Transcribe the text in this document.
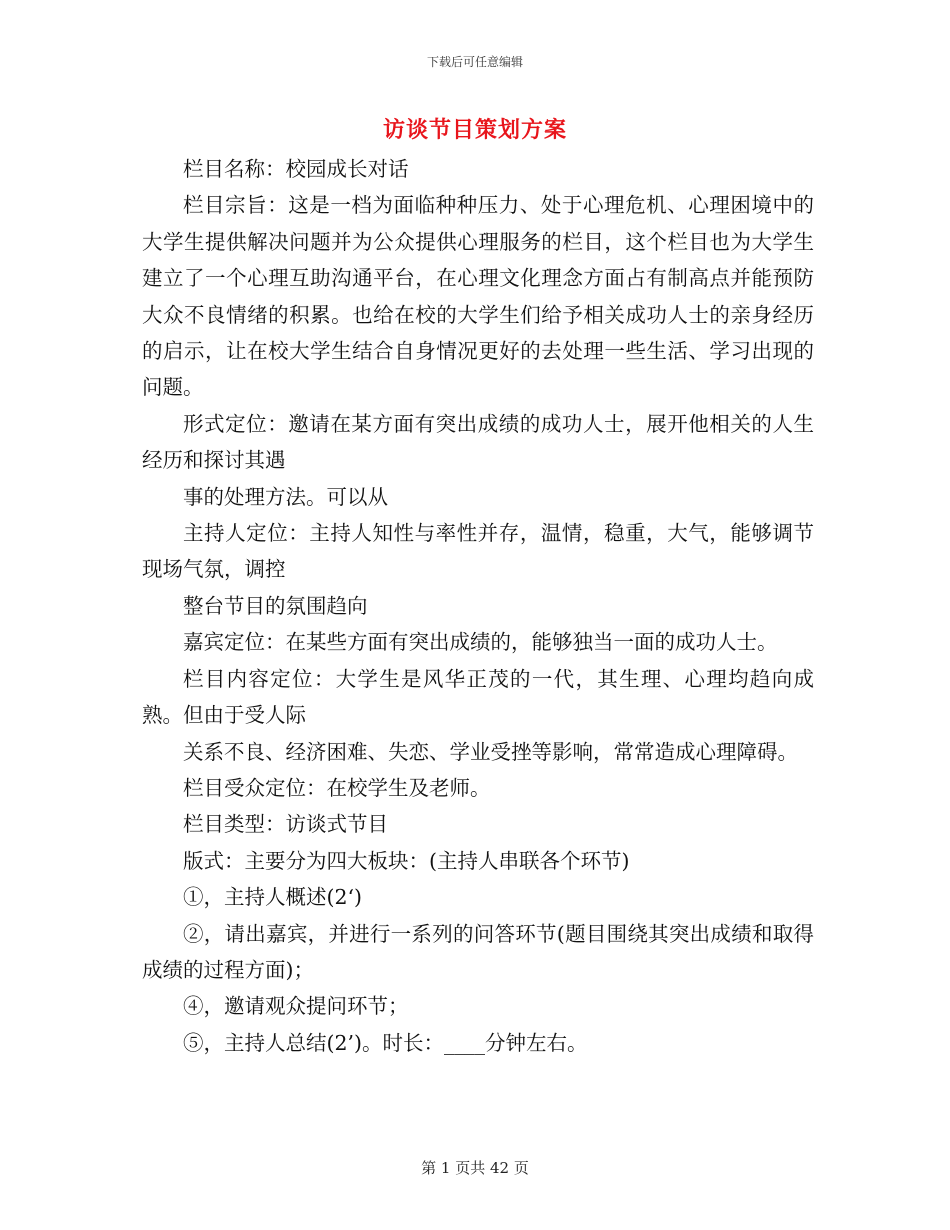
下载后可任意编辑
访谈节目策划方案

栏目名称：校园成长对话

栏目宗旨：这是一档为面临种种压力、处于心理危机、心理困境中的大学生提供解决问题并为公众提供心理服务的栏目，这个栏目也为大学生建立了一个心理互助沟通平台，在心理文化理念方面占有制高点并能预防大众不良情绪的积累。也给在校的大学生们给予相关成功人士的亲身经历的启示，让在校大学生结合自身情况更好的去处理一些生活、学习出现的问题。

形式定位：邀请在某方面有突出成绩的成功人士，展开他相关的人生经历和探讨其遇

事的处理方法。可以从

主持人定位：主持人知性与率性并存，温情，稳重，大气，能够调节现场气氛，调控

整台节目的氛围趋向

嘉宾定位：在某些方面有突出成绩的，能够独当一面的成功人士。

栏目内容定位：大学生是风华正茂的一代，其生理、心理均趋向成熟。但由于受人际

关系不良、经济困难、失恋、学业受挫等影响，常常造成心理障碍。

栏目受众定位：在校学生及老师。

栏目类型：访谈式节目

版式：主要分为四大板块：(主持人串联各个环节)

①，主持人概述(2‘)

②，请出嘉宾，并进行一系列的问答环节(题目围绕其突出成绩和取得成绩的过程方面)；

④，邀请观众提问环节；

⑤，主持人总结(2’)。时长：____分钟左右。

第 1 页共 42 页
